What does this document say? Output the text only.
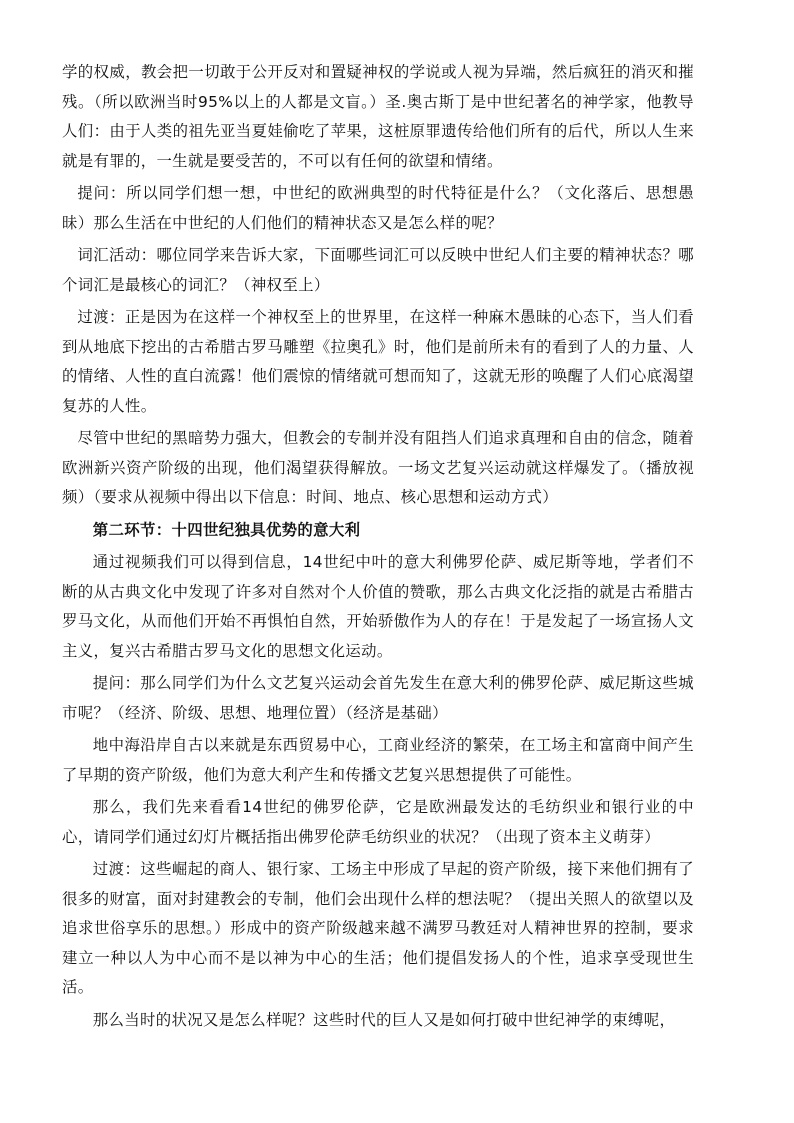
学的权威，教会把一切敢于公开反对和置疑神权的学说或人视为异端，然后疯狂的消灭和摧残。（所以欧洲当时95%以上的人都是文盲。）圣.奥古斯丁是中世纪著名的神学家，他教导人们：由于人类的祖先亚当夏娃偷吃了苹果，这桩原罪遗传给他们所有的后代，所以人生来就是有罪的，一生就是要受苦的，不可以有任何的欲望和情绪。

提问：所以同学们想一想，中世纪的欧洲典型的时代特征是什么？（文化落后、思想愚昧）那么生活在中世纪的人们他们的精神状态又是怎么样的呢？

词汇活动：哪位同学来告诉大家，下面哪些词汇可以反映中世纪人们主要的精神状态？哪个词汇是最核心的词汇？（神权至上）

过渡：正是因为在这样一个神权至上的世界里，在这样一种麻木愚昧的心态下，当人们看到从地底下挖出的古希腊古罗马雕塑《拉奥孔》时，他们是前所未有的看到了人的力量、人的情绪、人性的直白流露！他们震惊的情绪就可想而知了，这就无形的唤醒了人们心底渴望复苏的人性。

尽管中世纪的黑暗势力强大，但教会的专制并没有阻挡人们追求真理和自由的信念，随着欧洲新兴资产阶级的出现，他们渴望获得解放。一场文艺复兴运动就这样爆发了。（播放视频）（要求从视频中得出以下信息：时间、地点、核心思想和运动方式）

第二环节：十四世纪独具优势的意大利

通过视频我们可以得到信息，14世纪中叶的意大利佛罗伦萨、威尼斯等地，学者们不断的从古典文化中发现了许多对自然对个人价值的赞歌，那么古典文化泛指的就是古希腊古罗马文化，从而他们开始不再惧怕自然，开始骄傲作为人的存在！于是发起了一场宣扬人文主义，复兴古希腊古罗马文化的思想文化运动。

提问：那么同学们为什么文艺复兴运动会首先发生在意大利的佛罗伦萨、威尼斯这些城市呢？（经济、阶级、思想、地理位置）（经济是基础）

地中海沿岸自古以来就是东西贸易中心，工商业经济的繁荣，在工场主和富商中间产生了早期的资产阶级，他们为意大利产生和传播文艺复兴思想提供了可能性。

那么，我们先来看看14世纪的佛罗伦萨，它是欧洲最发达的毛纺织业和银行业的中心，请同学们通过幻灯片概括指出佛罗伦萨毛纺织业的状况？（出现了资本主义萌芽）

过渡：这些崛起的商人、银行家、工场主中形成了早起的资产阶级，接下来他们拥有了很多的财富，面对封建教会的专制，他们会出现什么样的想法呢？（提出关照人的欲望以及追求世俗享乐的思想。）形成中的资产阶级越来越不满罗马教廷对人精神世界的控制，要求建立一种以人为中心而不是以神为中心的生活；他们提倡发扬人的个性，追求享受现世生活。

那么当时的状况又是怎么样呢？这些时代的巨人又是如何打破中世纪神学的束缚呢，
